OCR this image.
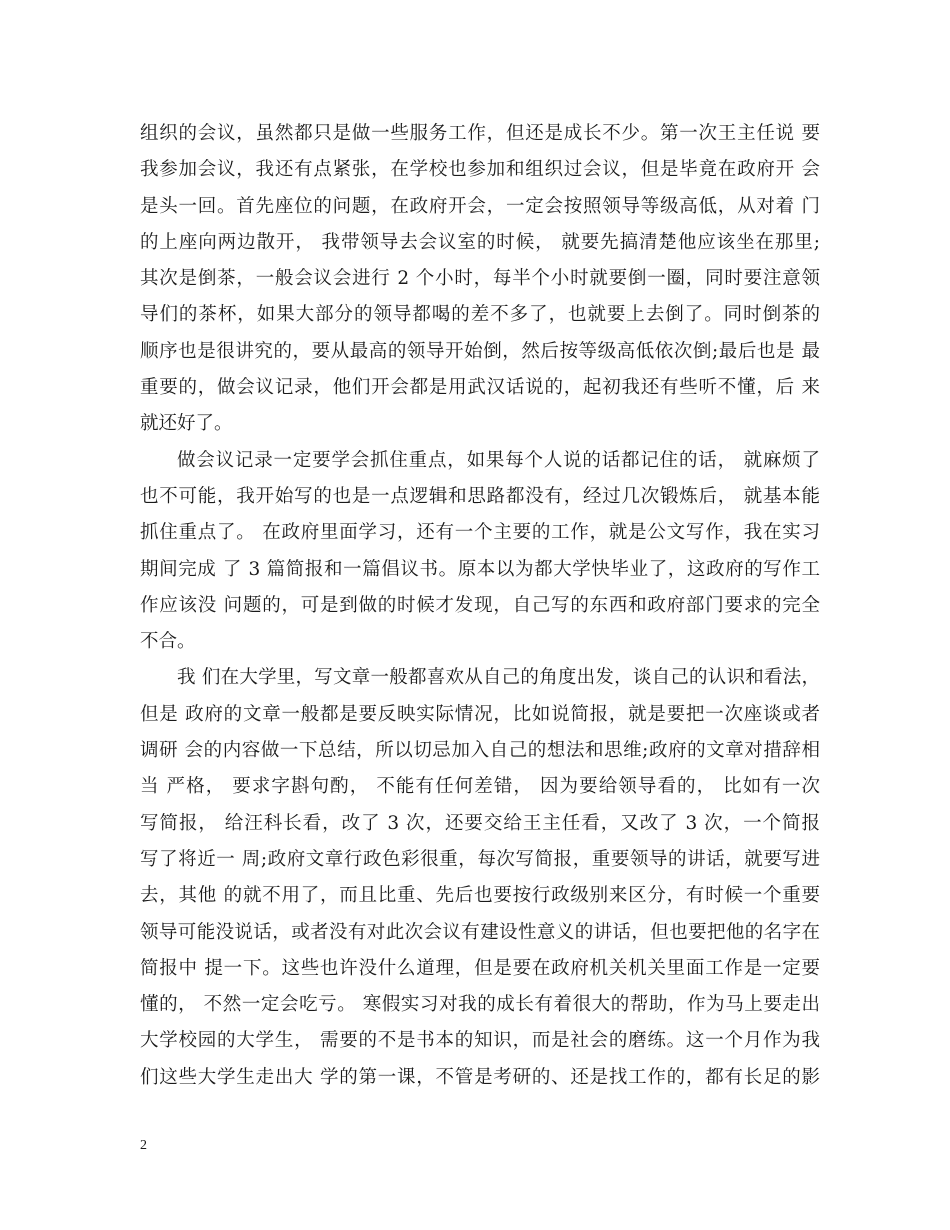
组织的会议，虽然都只是做一些服务工作，但还是成长不少。第一次王主任说 要
我参加会议，我还有点紧张，在学校也参加和组织过会议，但是毕竟在政府开 会
是头一回。首先座位的问题，在政府开会，一定会按照领导等级高低，从对着 门
的上座向两边散开， 我带领导去会议室的时候， 就要先搞清楚他应该坐在那里;
其次是倒茶，一般会议会进行 2 个小时，每半个小时就要倒一圈，同时要注意领
导们的茶杯，如果大部分的领导都喝的差不多了，也就要上去倒了。同时倒茶的
顺序也是很讲究的，要从最高的领导开始倒，然后按等级高低依次倒;最后也是 最
重要的，做会议记录，他们开会都是用武汉话说的，起初我还有些听不懂，后 来
就还好了。
做会议记录一定要学会抓住重点，如果每个人说的话都记住的话， 就麻烦了
也不可能，我开始写的也是一点逻辑和思路都没有，经过几次锻炼后， 就基本能
抓住重点了。 在政府里面学习，还有一个主要的工作，就是公文写作，我在实习
期间完成 了 3 篇简报和一篇倡议书。原本以为都大学快毕业了，这政府的写作工
作应该没 问题的，可是到做的时候才发现，自己写的东西和政府部门要求的完全
不合。
我 们在大学里，写文章一般都喜欢从自己的角度出发，谈自己的认识和看法，
但是 政府的文章一般都是要反映实际情况，比如说简报，就是要把一次座谈或者
调研 会的内容做一下总结，所以切忌加入自己的想法和思维;政府的文章对措辞相
当 严格， 要求字斟句酌， 不能有任何差错， 因为要给领导看的， 比如有一次
写简报， 给汪科长看，改了 3 次，还要交给王主任看，又改了 3 次，一个简报
写了将近一 周;政府文章行政色彩很重，每次写简报，重要领导的讲话，就要写进
去，其他 的就不用了，而且比重、先后也要按行政级别来区分，有时候一个重要
领导可能没说话，或者没有对此次会议有建设性意义的讲话，但也要把他的名字在
简报中 提一下。这些也许没什么道理，但是要在政府机关机关里面工作是一定要
懂的， 不然一定会吃亏。 寒假实习对我的成长有着很大的帮助，作为马上要走出
大学校园的大学生， 需要的不是书本的知识，而是社会的磨练。这一个月作为我
们这些大学生走出大 学的第一课，不管是考研的、还是找工作的，都有长足的影
2
